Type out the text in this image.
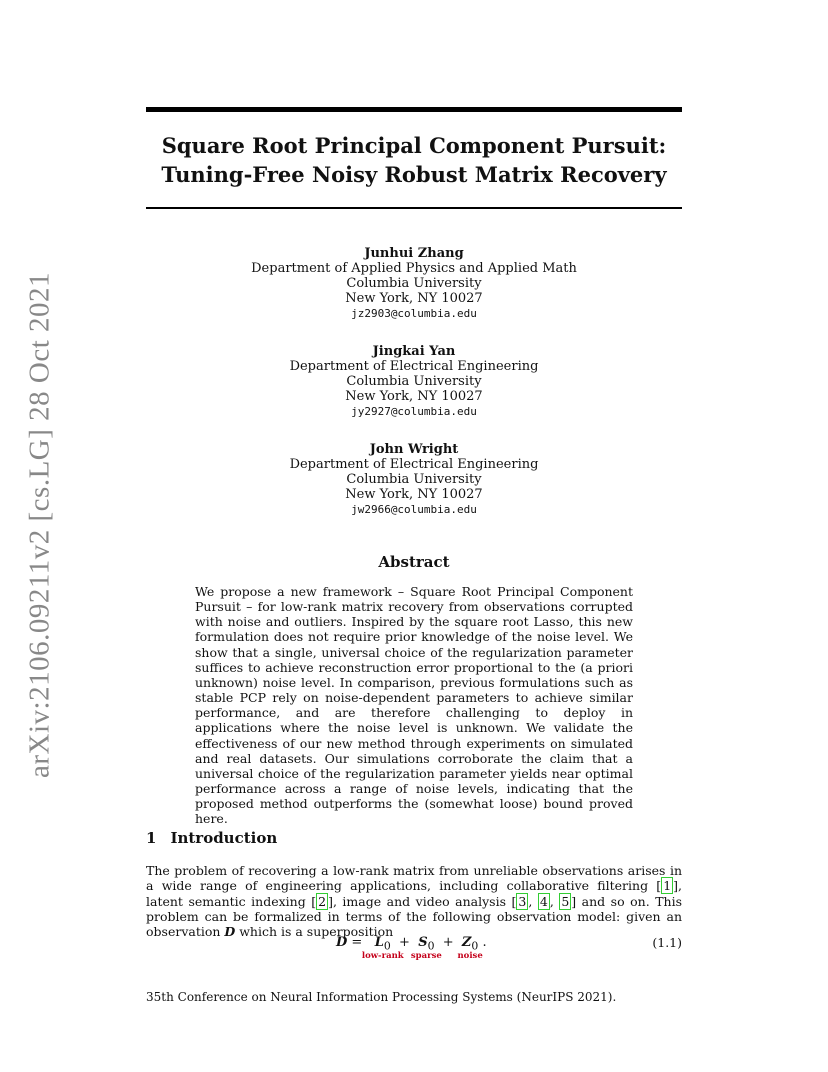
arXiv:2106.09211v2 [cs.LG] 28 Oct 2021
Square Root Principal Component Pursuit:
Tuning-Free Noisy Robust Matrix Recovery
Junhui Zhang
Department of Applied Physics and Applied Math
Columbia University
New York, NY 10027
jz2903@columbia.edu
Jingkai Yan
Department of Electrical Engineering
Columbia University
New York, NY 10027
jy2927@columbia.edu
John Wright
Department of Electrical Engineering
Columbia University
New York, NY 10027
jw2966@columbia.edu
Abstract
We propose a new framework – Square Root Principal Component Pursuit – for low-rank matrix recovery from observations corrupted with noise and outliers. Inspired by the square root Lasso, this new formulation does not require prior knowledge of the noise level. We show that a single, universal choice of the regularization parameter suffices to achieve reconstruction error proportional to the (a priori unknown) noise level. In comparison, previous formulations such as stable PCP rely on noise-dependent parameters to achieve similar performance, and are therefore challenging to deploy in applications where the noise level is unknown. We validate the effectiveness of our new method through experiments on simulated and real datasets. Our simulations corroborate the claim that a universal choice of the regularization parameter yields near optimal performance across a range of noise levels, indicating that the proposed method outperforms the (somewhat loose) bound proved here.
1 Introduction
The problem of recovering a low-rank matrix from unreliable observations arises in a wide range of engineering applications, including collaborative filtering [ 1 ], latent semantic indexing [ 2 ], image and video analysis [ 3 , 4 , 5 ] and so on. This problem can be formalized in terms of the following observation model: given an observation D which is a superposition
$D = L_0$
low-rank
+ $S_0$
sparse
+ $Z_0$
noise
.	(1.1)
35th Conference on Neural Information Processing Systems (NeurIPS 2021).
